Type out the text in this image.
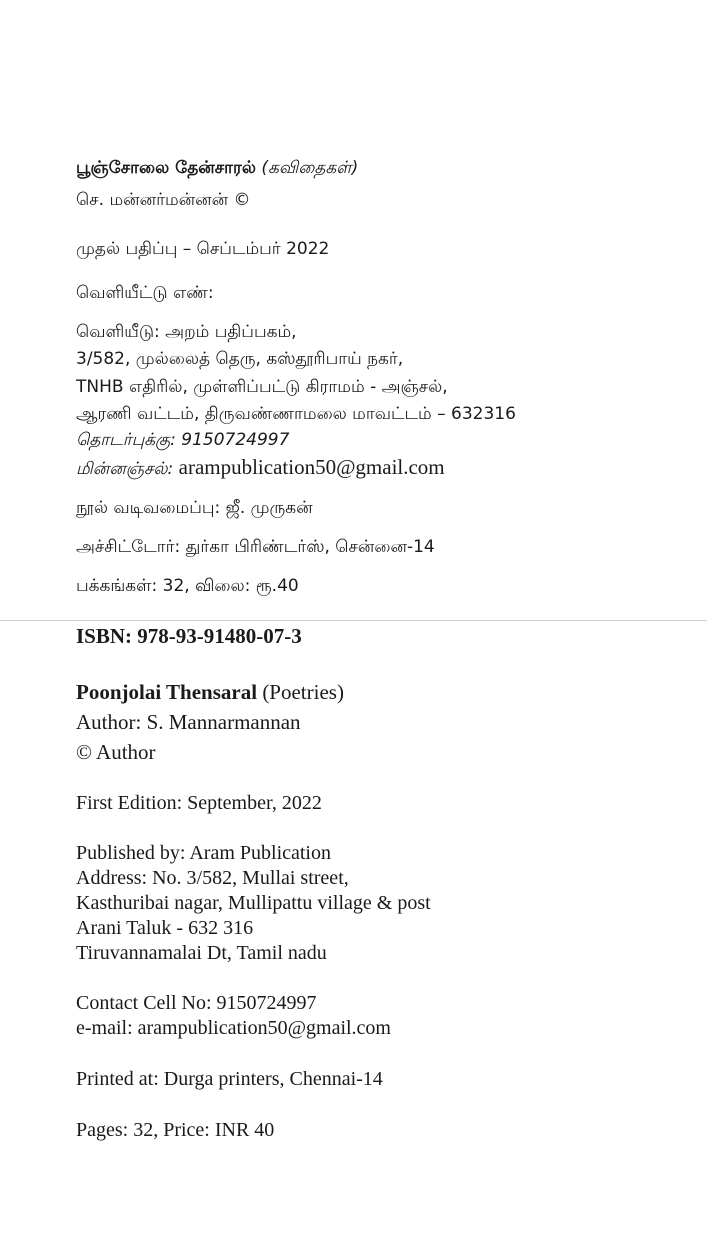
பூஞ்சோலை தேன்சாரல் (கவிதைகள்)
செ. மன்னர்மன்னன் ©
முதல் பதிப்பு – செப்டம்பர் 2022
வெளியீட்டு எண்:
வெளியீடு: அறம் பதிப்பகம்,
3/582, முல்லைத் தெரு, கஸ்தூரிபாய் நகர்,
TNHB எதிரில், முள்ளிப்பட்டு கிராமம் - அஞ்சல்,
ஆரணி வட்டம், திருவண்ணாமலை மாவட்டம் – 632316
தொடர்புக்கு: 9150724997
மின்னஞ்சல்: arampublication50@gmail.com
நூல் வடிவமைப்பு: ஜீ. முருகன்
அச்சிட்டோர்: துர்கா பிரிண்டர்ஸ், சென்னை-14
பக்கங்கள்: 32, விலை: ரூ.40
ISBN: 978-93-91480-07-3
Poonjolai Thensaral (Poetries)
Author: S. Mannarmannan
© Author
First Edition: September, 2022
Published by: Aram Publication
Address: No. 3/582, Mullai street,
Kasthuribai nagar, Mullipattu village & post
Arani Taluk - 632 316
Tiruvannamalai Dt, Tamil nadu
Contact Cell No: 9150724997
e-mail: arampublication50@gmail.com
Printed at: Durga printers, Chennai-14
Pages: 32, Price: INR 40
